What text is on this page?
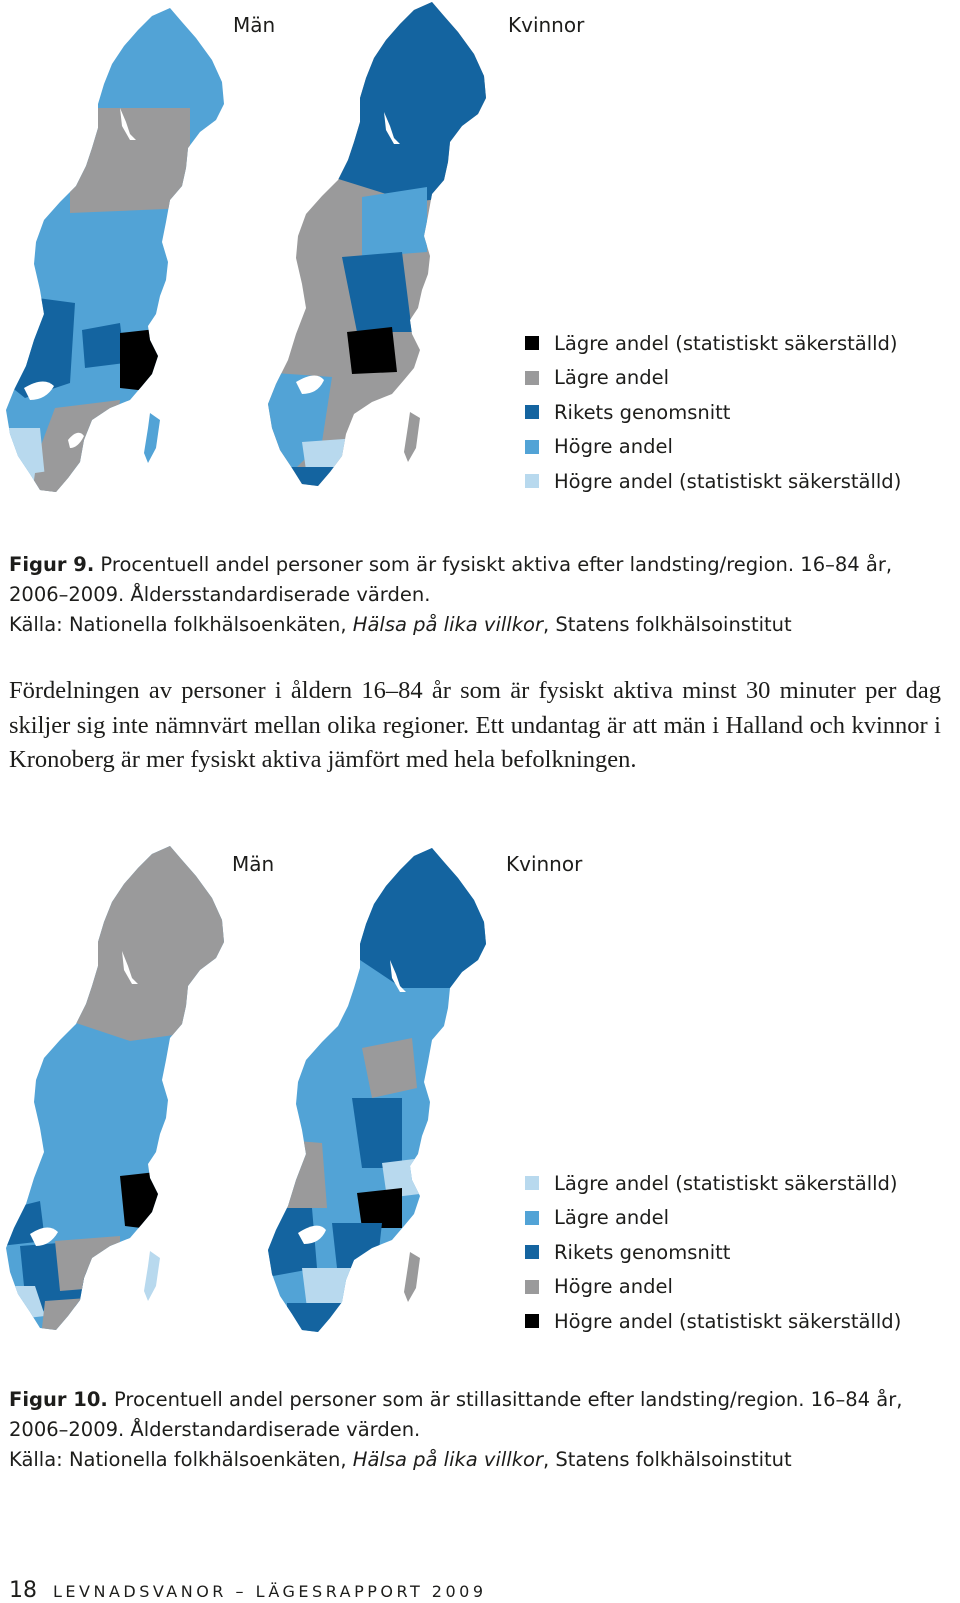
Män	Kvinnor
Lägre andel (statistiskt säkerställd)
Lägre andel
Rikets genomsnitt
Högre andel
Högre andel (statistiskt säkerställd)
Figur 9. Procentuell andel personer som är fysiskt aktiva efter landsting/region. 16–84 år, 2006–2009. Åldersstandardiserade värden.
Källa: Nationella folkhälsoenkäten, Hälsa på lika villkor, Statens folkhälsoinstitut
Fördelningen av personer i åldern 16–84 år som är fysiskt aktiva minst 30 minuter per dag skiljer sig inte nämnvärt mellan olika regioner. Ett undantag är att män i Halland och kvinnor i Kronoberg är mer fysiskt aktiva jämfört med hela befolkningen.
Män	Kvinnor
Lägre andel (statistiskt säkerställd)
Lägre andel
Rikets genomsnitt
Högre andel
Högre andel (statistiskt säkerställd)
Figur 10. Procentuell andel personer som är stillasittande efter landsting/region. 16–84 år, 2006–2009. Ålderstandardiserade värden.
Källa: Nationella folkhälsoenkäten, Hälsa på lika villkor, Statens folkhälsoinstitut
18 LEVNADSVANOR – LÄGESRAPPORT 2009
